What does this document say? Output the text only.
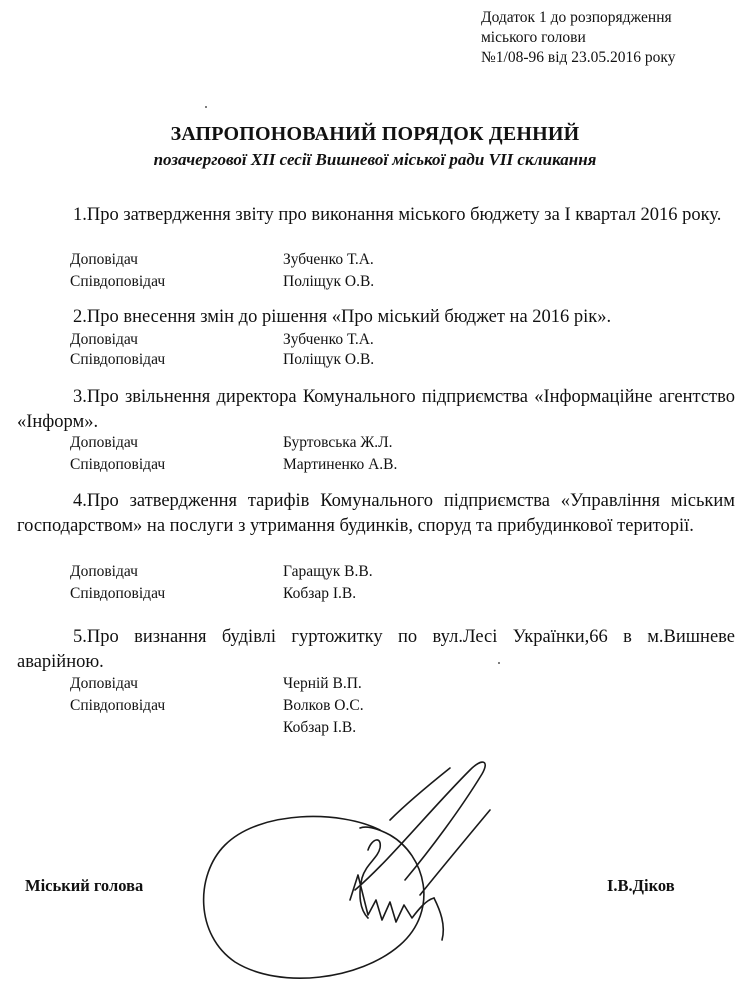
Додаток 1 до розпорядження
міського голови
№1/08-96 від 23.05.2016 року
ЗАПРОПОНОВАНИЙ ПОРЯДОК ДЕННИЙ
позачергової XII сесії Вишневої міської ради VII скликання
1.Про затвердження звіту про виконання міського бюджету за I квартал 2016 року.
Доповідач	Зубченко Т.А.
Співдоповідач	Поліщук О.В.
2.Про внесення змін до рішення «Про міський бюджет на 2016 рік».
Доповідач	Зубченко Т.А.
Співдоповідач	Поліщук О.В.
3.Про звільнення директора Комунального підприємства «Інформаційне агентство «Інформ».
Доповідач	Буртовська Ж.Л.
Співдоповідач	Мартиненко А.В.
4.Про затвердження тарифів Комунального підприємства «Управління міським господарством» на послуги з утримання будинків, споруд та прибудинкової території.
Доповідач	Гаращук В.В.
Співдоповідач	Кобзар І.В.
5.Про визнання будівлі гуртожитку по вул.Лесі Українки,66 в м.Вишневе аварійною.
Доповідач	Черній В.П.
Співдоповідач	Волков О.С.
Кобзар І.В.
Міський голова	І.В.Діков
